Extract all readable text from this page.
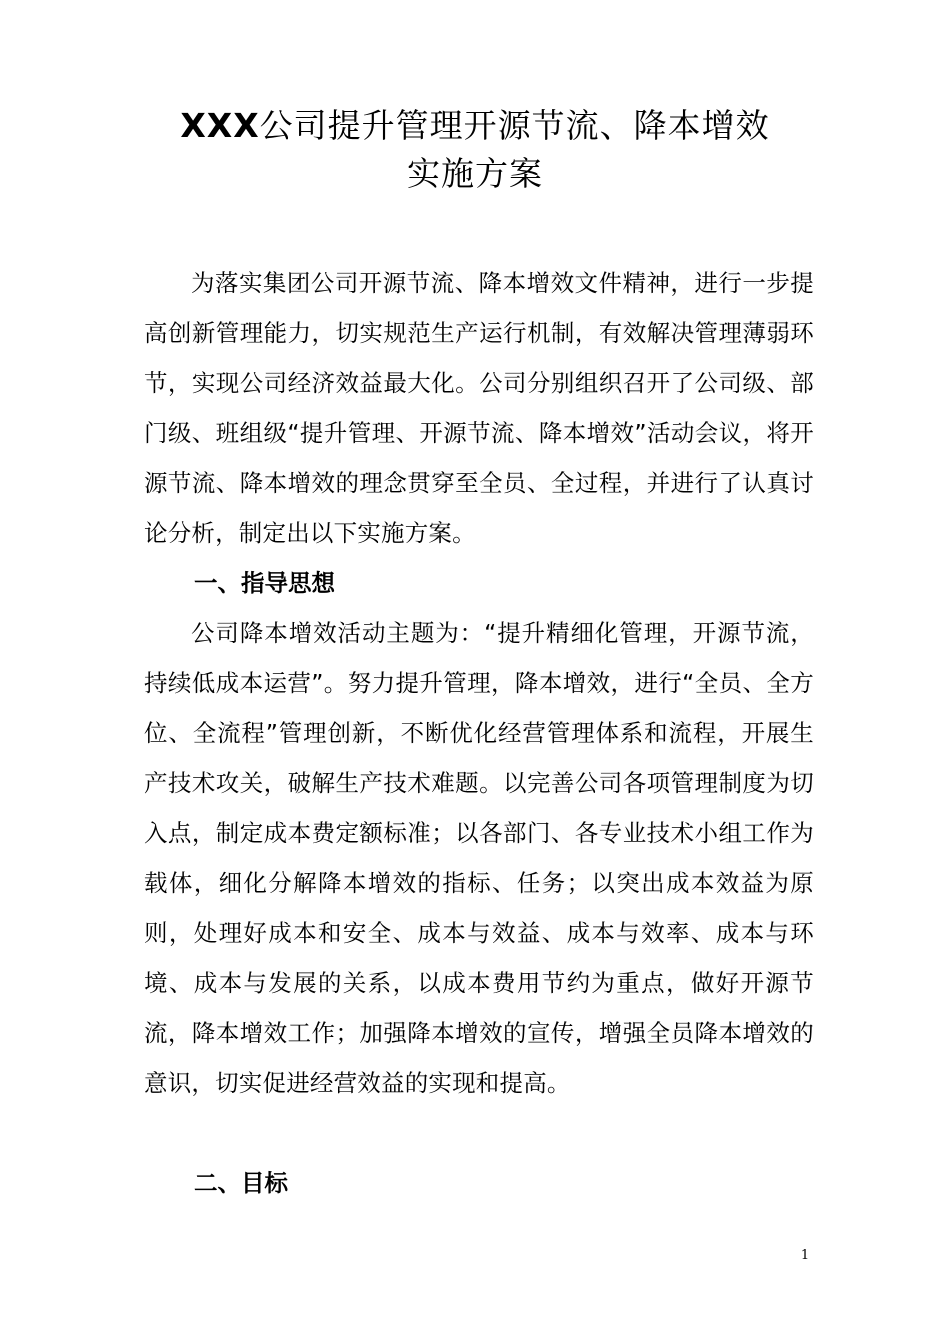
XXX公司提升管理开源节流、降本增效
实施方案
为落实集团公司开源节流、降本增效文件精神，进行一步提高创新管理能力，切实规范生产运行机制，有效解决管理薄弱环节，实现公司经济效益最大化。公司分别组织召开了公司级、部门级、班组级“提升管理、开源节流、降本增效”活动会议，将开源节流、降本增效的理念贯穿至全员、全过程，并进行了认真讨论分析，制定出以下实施方案。
一、指导思想
公司降本增效活动主题为：“提升精细化管理，开源节流，持续低成本运营”。努力提升管理，降本增效，进行“全员、全方位、全流程”管理创新，不断优化经营管理体系和流程，开展生产技术攻关，破解生产技术难题。以完善公司各项管理制度为切入点，制定成本费定额标准；以各部门、各专业技术小组工作为载体，细化分解降本增效的指标、任务；以突出成本效益为原则，处理好成本和安全、成本与效益、成本与效率、成本与环境、成本与发展的关系，以成本费用节约为重点，做好开源节流，降本增效工作；加强降本增效的宣传，增强全员降本增效的意识，切实促进经营效益的实现和提高。
二、目标
1
